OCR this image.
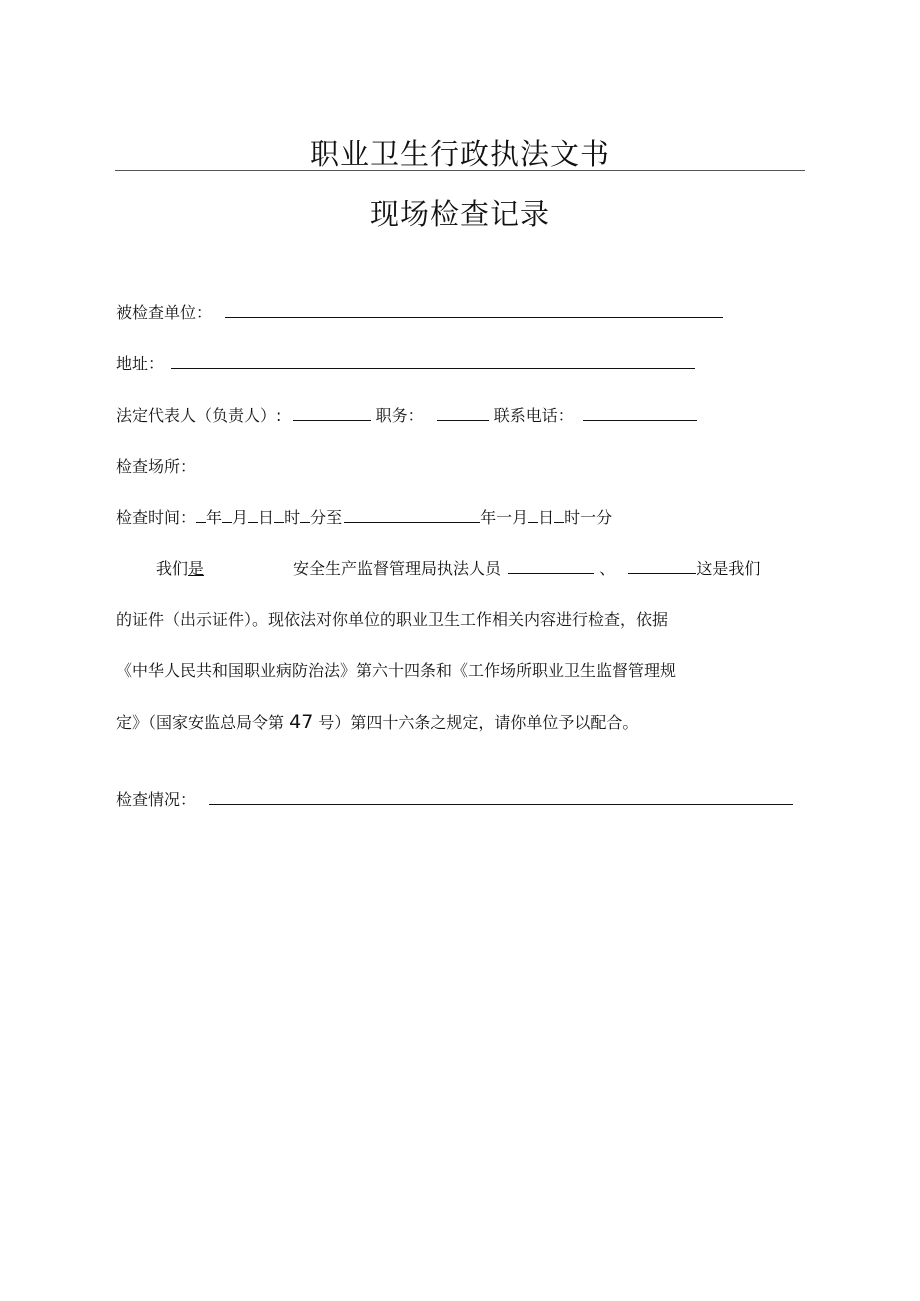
职业卫生行政执法文书
现场检查记录
被检查单位：
地址：
法定代表人（负责人）:	职务：	联系电话：
检查场所：
检查时间： 年 月 日 时 分至	年一月 日 时一分
我们是	安全生产监督管理局执法人员	、	这是我们
的证件（出示证件）。现依法对你单位的职业卫生工作相关内容进行检查，依据
《中华人民共和国职业病防治法》第六十四条和《工作场所职业卫生监督管理规
定》（国家安监总局令第 47 号）第四十六条之规定，请你单位予以配合。
检查情况：
